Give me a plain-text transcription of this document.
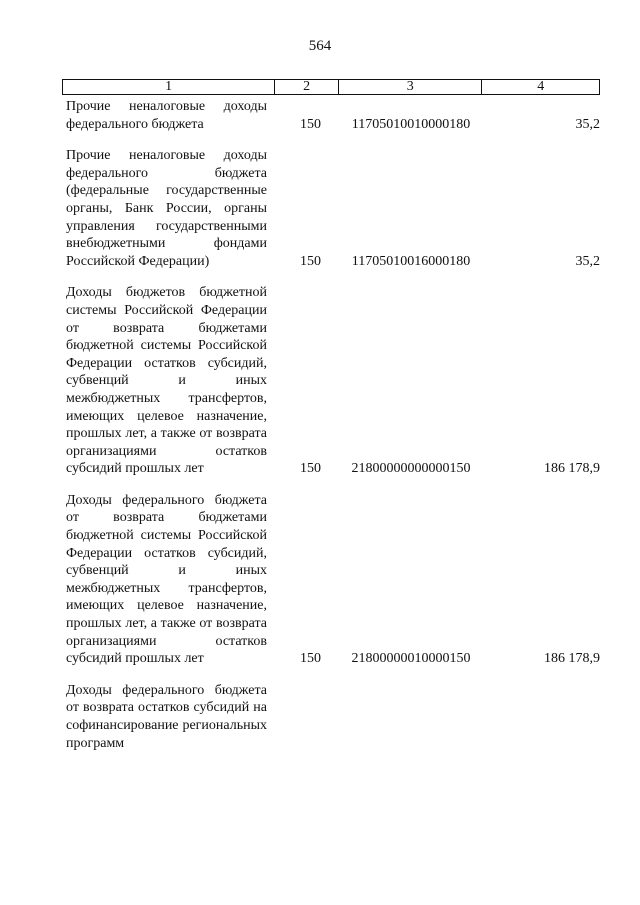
564
1	2	3	4
Прочие неналоговые доходы федерального бюджета	150	11705010010000180	35,2
Прочие неналоговые доходы федерального бюджета (федеральные государственные органы, Банк России, органы управления государственными внебюджетными фондами Российской Федерации)	150	11705010016000180	35,2
Доходы бюджетов бюджетной системы Российской Федерации от возврата бюджетами бюджетной системы Российской Федерации остатков субсидий, субвенций и иных межбюджетных трансфертов, имеющих целевое назначение, прошлых лет, а также от возврата организациями остатков субсидий прошлых лет	150	21800000000000150	186 178,9
Доходы федерального бюджета от возврата бюджетами бюджетной системы Российской Федерации остатков субсидий, субвенций и иных межбюджетных трансфертов, имеющих целевое назначение, прошлых лет, а также от возврата организациями остатков субсидий прошлых лет	150	21800000010000150	186 178,9
Доходы федерального бюджета от возврата остатков субсидий на софинансирование региональных программ
